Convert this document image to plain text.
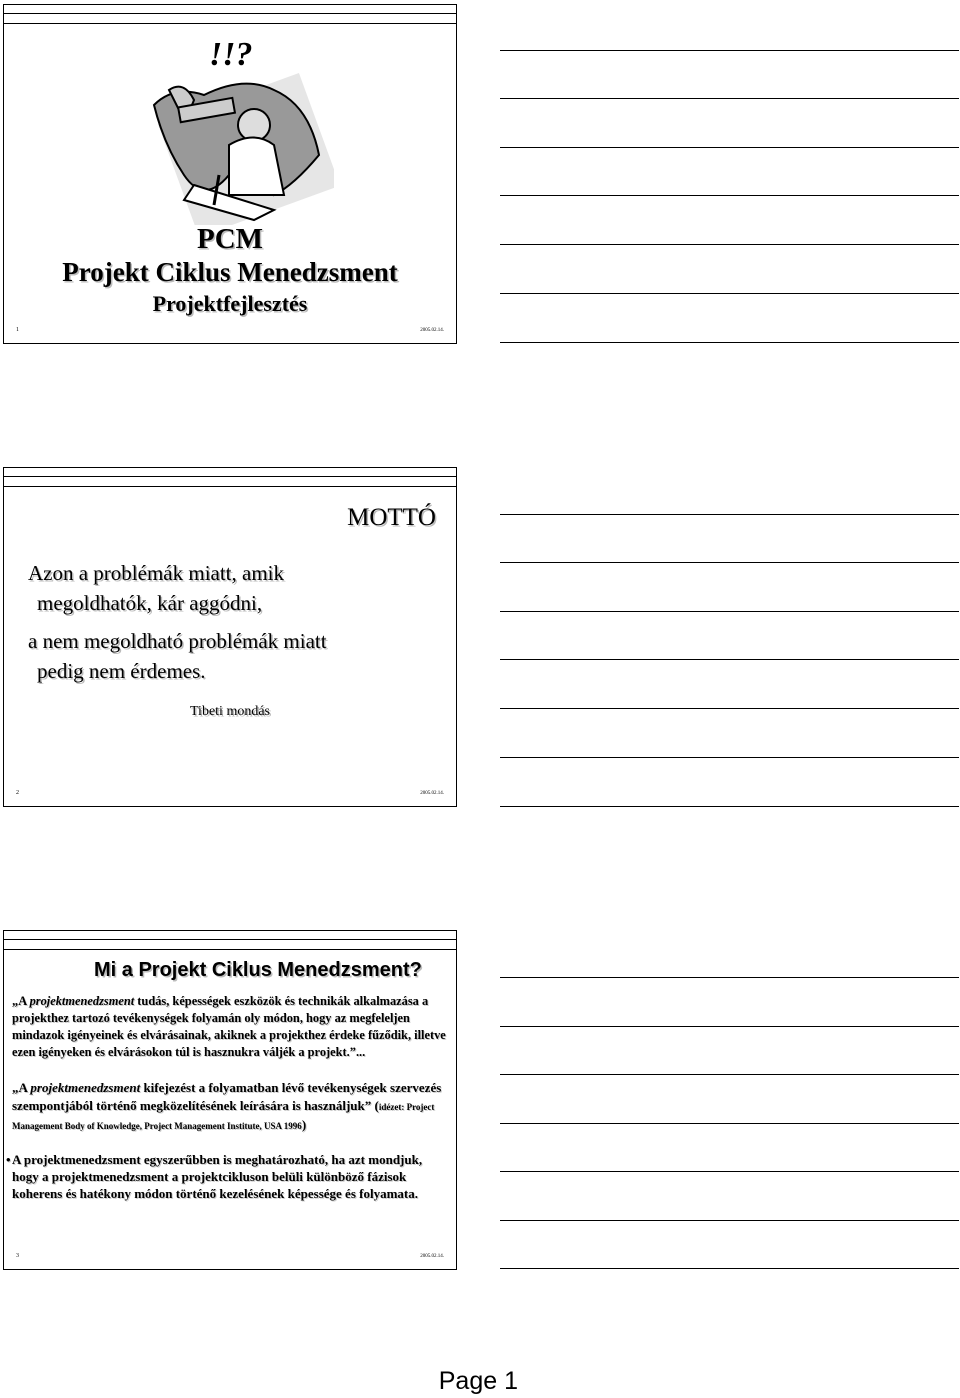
!!?
PCM
Projekt Ciklus Menedzsment
Projektfejlesztés
1	2005.02.14.
MOTTÓ
Azon a problémák miatt, amik
megoldhatók, kár aggódni,
a nem megoldható problémák miatt
pedig nem érdemes.
Tibeti mondás
2	2005.02.14.
Mi a Projekt Ciklus Menedzsment?
„A projektmenedzsment tudás, képességek eszközök és technikák alkalmazása a projekthez tartozó tevékenységek folyamán oly módon, hogy az megfeleljen mindazok igényeinek és elvárásainak, akiknek a projekthez érdeke fűződik, illetve ezen igényeken és elvárásokon túl is hasznukra váljék a projekt.”...
„A projektmenedzsment kifejezést a folyamatban lévő tevékenységek szervezés szempontjából történő megközelítésének leírására is használjuk” (idézet: Project Management Body of Knowledge, Project Management Institute, USA 1996)
• A projektmenedzsment egyszerűbben is meghatározható, ha azt mondjuk, hogy a projektmenedzsment a projektcikluson belüli különböző fázisok koherens és hatékony módon történő kezelésének képessége és folyamata.
3	2005.02.14.
Page 1
